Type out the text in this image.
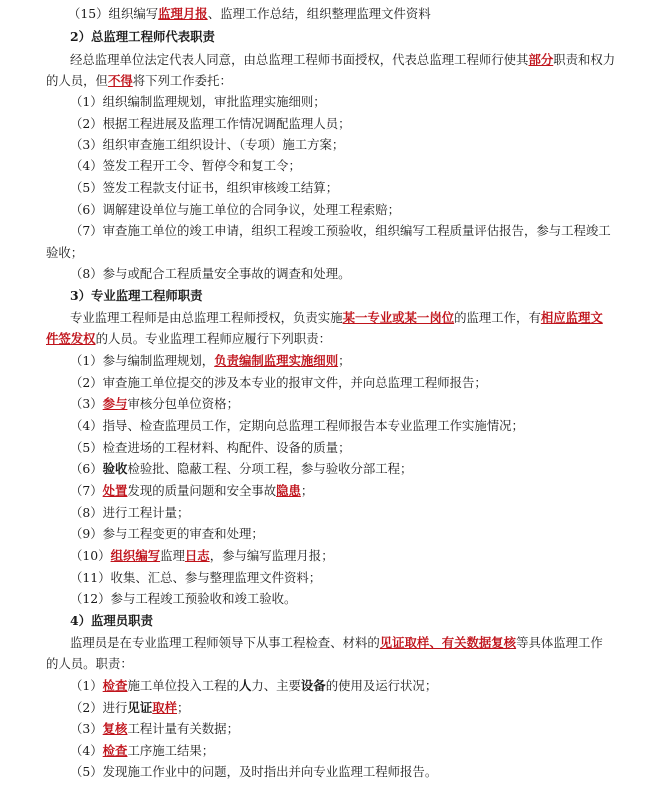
（15）组织编写监理月报、监理工作总结，组织整理监理文件资料
2）总监理工程师代表职责
经总监理单位法定代表人同意，由总监理工程师书面授权，代表总监理工程师行使其部分职责和权力
的人员，但不得将下列工作委托：
（1）组织编制监理规划，审批监理实施细则；
（2）根据工程进展及监理工作情况调配监理人员；
（3）组织审查施工组织设计、（专项）施工方案；
（4）签发工程开工令、暂停令和复工令；
（5）签发工程款支付证书，组织审核竣工结算；
（6）调解建设单位与施工单位的合同争议，处理工程索赔；
（7）审查施工单位的竣工申请，组织工程竣工预验收，组织编写工程质量评估报告，参与工程竣工
验收；
（8）参与或配合工程质量安全事故的调查和处理。
3）专业监理工程师职责
专业监理工程师是由总监理工程师授权，负责实施某一专业或某一岗位的监理工作，有相应监理文
件签发权的人员。专业监理工程师应履行下列职责：
（1）参与编制监理规划，负责编制监理实施细则；
（2）审查施工单位提交的涉及本专业的报审文件，并向总监理工程师报告；
（3）参与审核分包单位资格；
（4）指导、检查监理员工作，定期向总监理工程师报告本专业监理工作实施情况；
（5）检查进场的工程材料、构配件、设备的质量；
（6）验收检验批、隐蔽工程、分项工程，参与验收分部工程；
（7）处置发现的质量问题和安全事故隐患；
（8）进行工程计量；
（9）参与工程变更的审查和处理；
（10）组织编写监理日志，参与编写监理月报；
（11）收集、汇总、参与整理监理文件资料；
（12）参与工程竣工预验收和竣工验收。
4）监理员职责
监理员是在专业监理工程师领导下从事工程检查、材料的见证取样、有关数据复核等具体监理工作
的人员。职责：
（1）检查施工单位投入工程的人力、主要设备的使用及运行状况；
（2）进行见证取样；
（3）复核工程计量有关数据；
（4）检查工序施工结果；
（5）发现施工作业中的问题，及时指出并向专业监理工程师报告。
